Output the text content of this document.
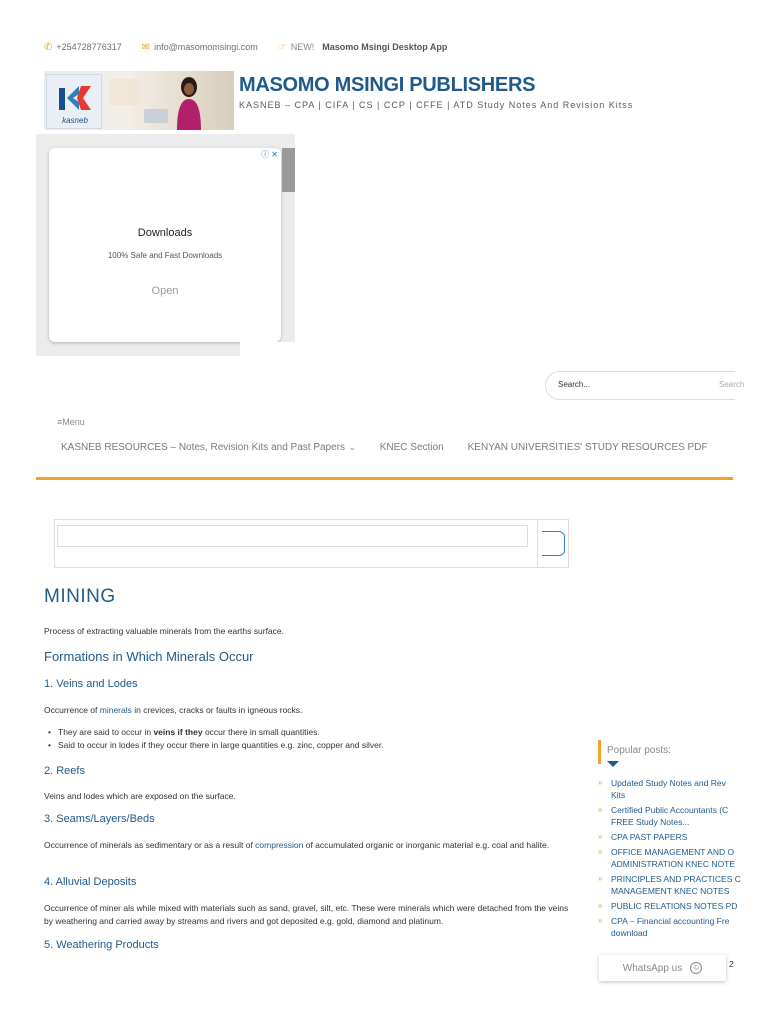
✆ +254728776317 ✉ info@masomomsingi.com ☞ NEW! Masomo Msingi Desktop App
kasneb
MASOMO MSINGI PUBLISHERS
KASNEB – CPA | CIFA | CS | CCP | CFFE | ATD Study Notes And Revision Kitss
ⓘ ✕
Downloads
100% Safe and Fast Downloads
Open
Search...	Search
≡Menu
KASNEB RESOURCES – Notes, Revision Kits and Past Papers ⌄ KNEC Section KENYAN UNIVERSITIES' STUDY RESOURCES PDF
MINING
Process of extracting valuable minerals from the earths surface.
Formations in Which Minerals Occur
1. Veins and Lodes
Occurrence of minerals in crevices, cracks or faults in igneous rocks.
• They are said to occur in veins if they occur there in small quantities.
• Said to occur in lodes if they occur there in large quantities e.g. zinc, copper and silver.
2. Reefs
Veins and lodes which are exposed on the surface.
3. Seams/Layers/Beds
Occurrence of minerals as sedimentary or as a result of compression of accumulated organic or inorganic material e.g. coal and halite.
4. Alluvial Deposits
Occurrence of miner als while mixed with materials such as sand, gravel, silt, etc. These were minerals which were detached from the veins by weathering and carried away by streams and rivers and got deposited e.g. gold, diamond and platinum.
5. Weathering Products
Popular posts:
» Updated Study Notes and Rev
Kits
» Certified Public Accountants (C
FREE Study Notes...
» CPA PAST PAPERS
» OFFICE MANAGEMENT AND O
ADMINISTRATION KNEC NOTE
» PRINCIPLES AND PRACTICES C
MANAGEMENT KNEC NOTES
» PUBLIC RELATIONS NOTES PD
» CPA – Financial accounting Fre
download
WhatsApp us	©	2
